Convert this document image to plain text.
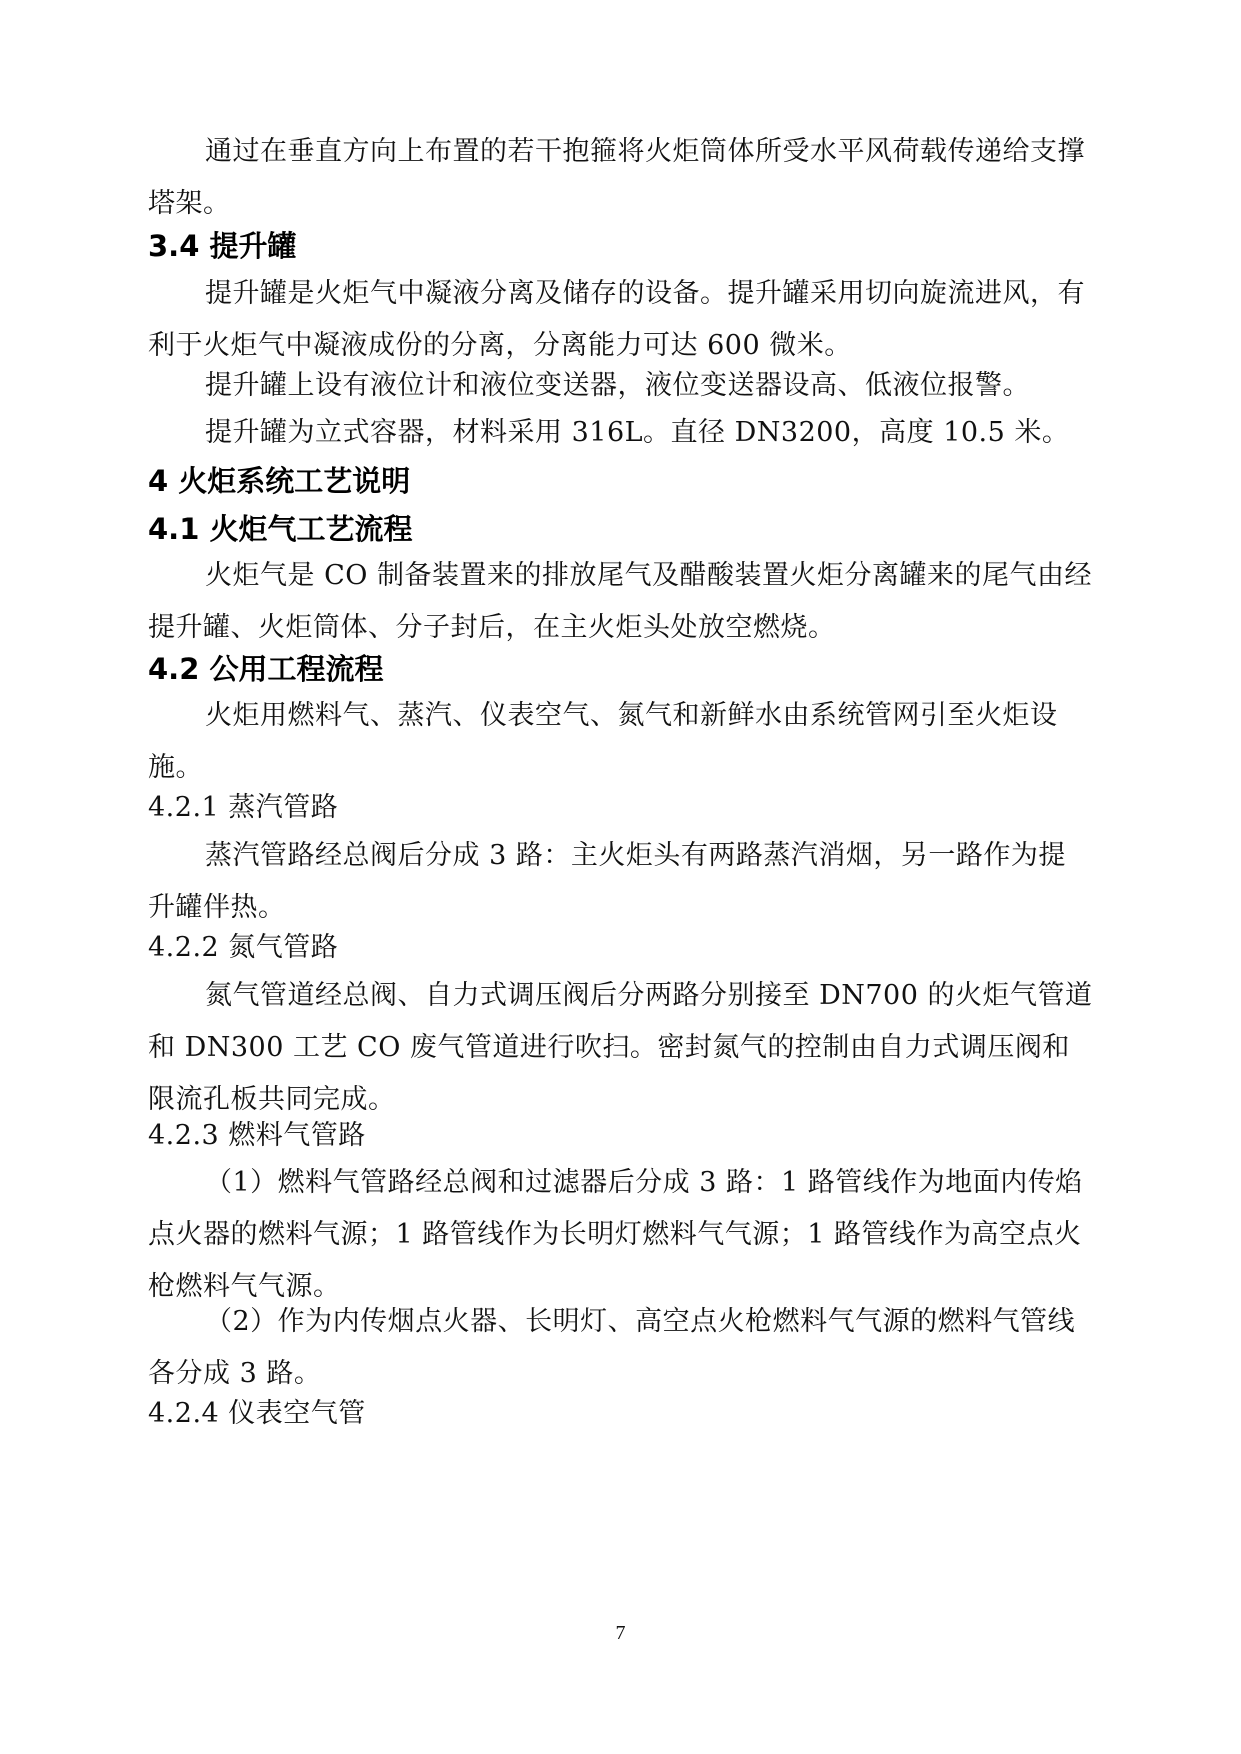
通过在垂直方向上布置的若干抱箍将火炬筒体所受水平风荷载传递给支撑塔架。
3.4 提升罐
提升罐是火炬气中凝液分离及储存的设备。提升罐采用切向旋流进风，有利于火炬气中凝液成份的分离，分离能力可达 600 微米。
提升罐上设有液位计和液位变送器，液位变送器设高、低液位报警。
提升罐为立式容器，材料采用 316L。直径 DN3200，高度 10.5 米。
4 火炬系统工艺说明
4.1 火炬气工艺流程
火炬气是 CO 制备装置来的排放尾气及醋酸装置火炬分离罐来的尾气由经提升罐、火炬筒体、分子封后，在主火炬头处放空燃烧。
4.2 公用工程流程
火炬用燃料气、蒸汽、仪表空气、氮气和新鲜水由系统管网引至火炬设施。
4.2.1 蒸汽管路
蒸汽管路经总阀后分成 3 路：主火炬头有两路蒸汽消烟，另一路作为提升罐伴热。
4.2.2 氮气管路
氮气管道经总阀、自力式调压阀后分两路分别接至 DN700 的火炬气管道和 DN300 工艺 CO 废气管道进行吹扫。密封氮气的控制由自力式调压阀和限流孔板共同完成。
4.2.3 燃料气管路
（1）燃料气管路经总阀和过滤器后分成 3 路：1 路管线作为地面内传焰点火器的燃料气源；1 路管线作为长明灯燃料气气源；1 路管线作为高空点火枪燃料气气源。
（2）作为内传烟点火器、长明灯、高空点火枪燃料气气源的燃料气管线各分成 3 路。
4.2.4 仪表空气管
7
